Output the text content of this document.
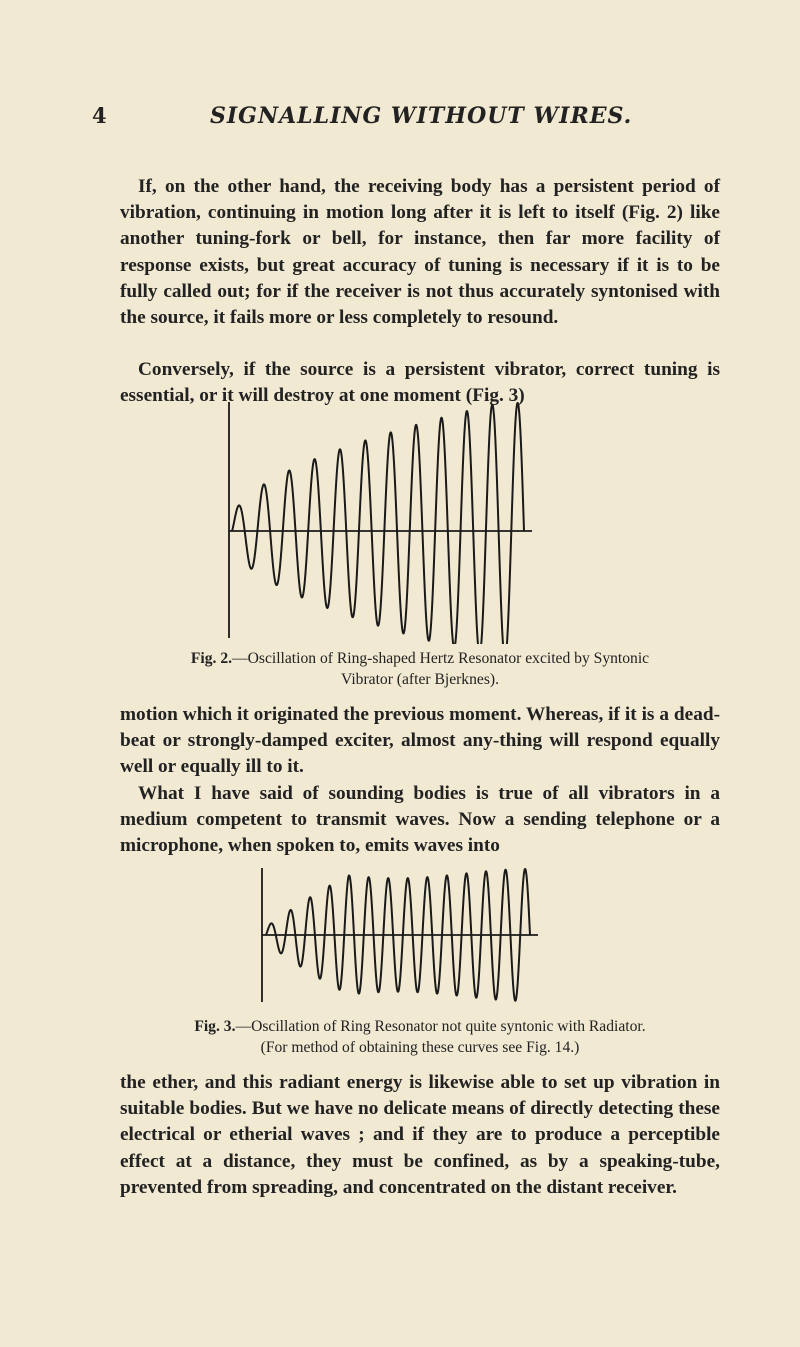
4	SIGNALLING WITHOUT WIRES.

If, on the other hand, the receiving body has a persistent period of vibration, continuing in motion long after it is left to itself (Fig. 2) like another tuning-fork or bell, for instance, then far more facility of response exists, but great accuracy of tuning is necessary if it is to be fully called out; for if the receiver is not thus accurately syntonised with the source, it fails more or less completely to resound.

Conversely, if the source is a persistent vibrator, correct tuning is essential, or it will destroy at one moment (Fig. 3)

Fig. 2.—Oscillation of Ring-shaped Hertz Resonator excited by Syntonic
Vibrator (after Bjerknes).

motion which it originated the previous moment. Whereas, if it is a dead-beat or strongly-damped exciter, almost any-thing will respond equally well or equally ill to it.

What I have said of sounding bodies is true of all vibrators in a medium competent to transmit waves. Now a sending telephone or a microphone, when spoken to, emits waves into

Fig. 3.—Oscillation of Ring Resonator not quite syntonic with Radiator.
(For method of obtaining these curves see Fig. 14.)

the ether, and this radiant energy is likewise able to set up vibration in suitable bodies. But we have no delicate means of directly detecting these electrical or etherial waves ; and if they are to produce a perceptible effect at a distance, they must be confined, as by a speaking-tube, prevented from spreading, and concentrated on the distant receiver.
